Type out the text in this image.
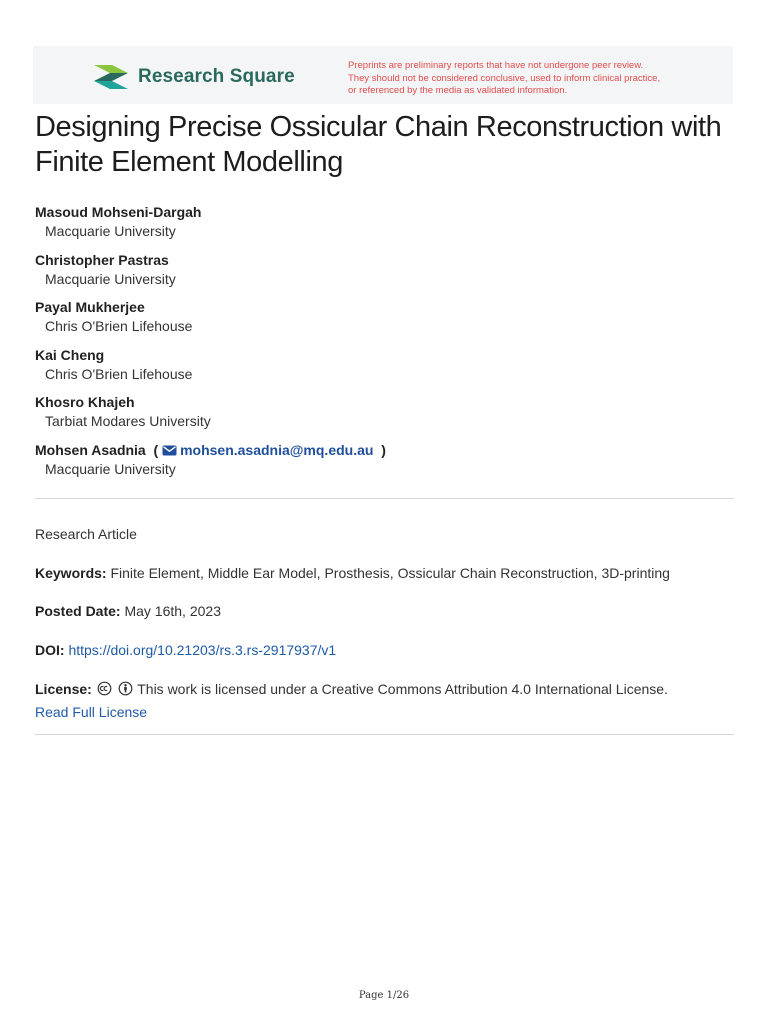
Research Square
Preprints are preliminary reports that have not undergone peer review.
They should not be considered conclusive, used to inform clinical practice,
or referenced by the media as validated information.
Designing Precise Ossicular Chain Reconstruction with Finite Element Modelling
Masoud Mohseni-Dargah
Macquarie University
Christopher Pastras
Macquarie University
Payal Mukherjee
Chris O'Brien Lifehouse
Kai Cheng
Chris O'Brien Lifehouse
Khosro Khajeh
Tarbiat Modares University
Mohsen Asadnia  ( mohsen.asadnia@mq.edu.au  )
Macquarie University
Research Article
Keywords: Finite Element, Middle Ear Model, Prosthesis, Ossicular Chain Reconstruction, 3D-printing
Posted Date: May 16th, 2023
DOI: https://doi.org/10.21203/rs.3.rs-2917937/v1
License:	This work is licensed under a Creative Commons Attribution 4.0 International License.
Read Full License
Page 1/26
